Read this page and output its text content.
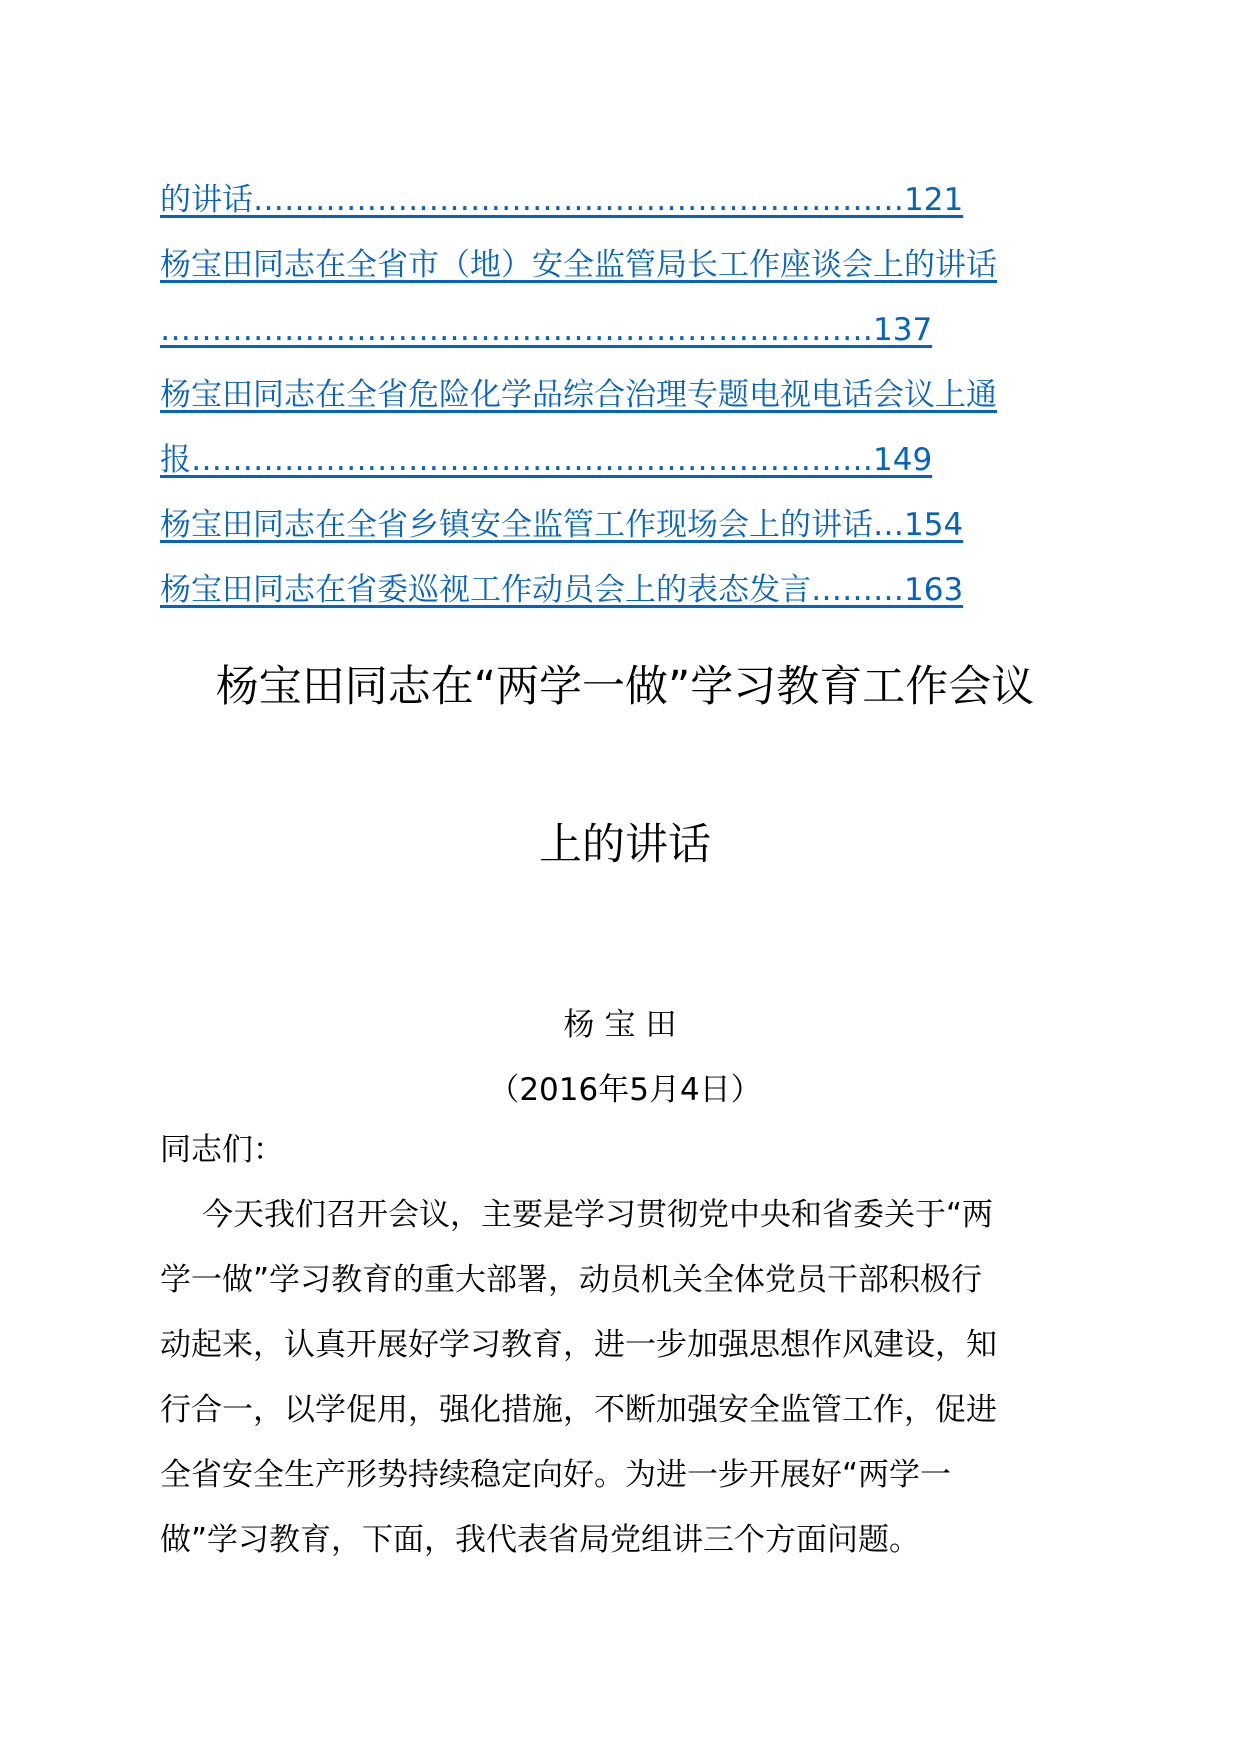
的讲话………………………………………………………121
杨宝田同志在全省市（地）安全监管局长工作座谈会上的讲话
……………………………………………………………137
杨宝田同志在全省危险化学品综合治理专题电视电话会议上通
报…………………………………………………………149
杨宝田同志在全省乡镇安全监管工作现场会上的讲话…154
杨宝田同志在省委巡视工作动员会上的表态发言………163
杨宝田同志在“两学一做”学习教育工作会议
上的讲话
杨宝田
（2016年5月4日）
同志们：
今天我们召开会议，主要是学习贯彻党中央和省委关于“两
学一做”学习教育的重大部署，动员机关全体党员干部积极行
动起来，认真开展好学习教育，进一步加强思想作风建设，知
行合一，以学促用，强化措施，不断加强安全监管工作，促进
全省安全生产形势持续稳定向好。为进一步开展好“两学一
做”学习教育，下面，我代表省局党组讲三个方面问题。
